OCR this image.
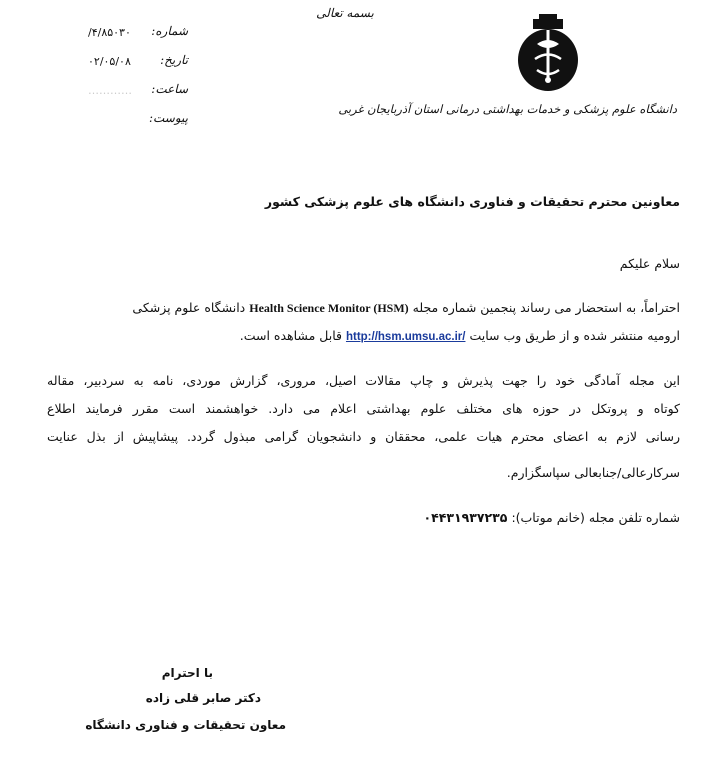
بسمه تعالی
دانشگاه علوم پزشکی و خدمات بهداشتی درمانی استان آذربایجان غربی
شماره:
۴/۸۵۰۳۰/
تاریخ:
۰۲/۰۵/۰۸
ساعت:
…………
پیوست:
معاونین محترم تحقیقات و فناوری دانشگاه های علوم پزشکی کشور
سلام علیکم
احتراماً، به استحضار می رساند پنجمین شماره مجله Health Science Monitor (HSM) دانشگاه علوم پزشکی
ارومیه منتشر شده و از طریق وب سایت http://hsm.umsu.ac.ir/ قابل مشاهده است.
این مجله آمادگی خود را جهت پذیرش و چاپ مقالات اصیل، مروری، گزارش موردی، نامه به سردبیر، مقاله
کوتاه و پروتکل در حوزه های مختلف علوم بهداشتی اعلام می دارد. خواهشمند است مقرر فرمایند اطلاع
رسانی لازم به اعضای محترم هیات علمی، محققان و دانشجویان گرامی مبذول گردد. پیشاپیش از بذل عنایت
سرکارعالی/جنابعالی سپاسگزارم.
شماره تلفن مجله (خانم موتاب): ۰۴۴۳۱۹۳۷۲۳۵
با احترام
دکتر صابر قلی زاده
معاون تحقیقات و فناوری دانشگاه
